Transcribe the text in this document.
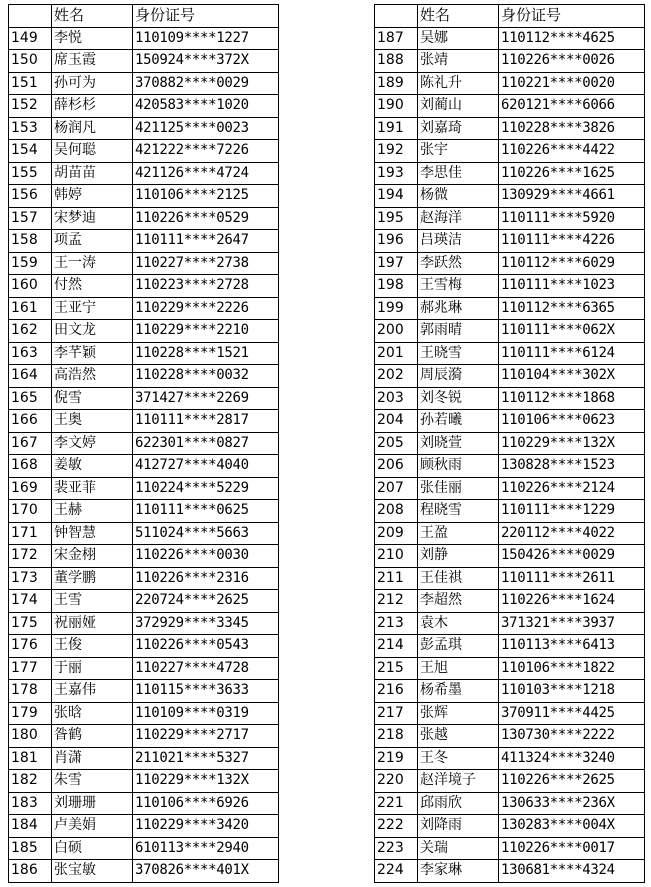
	姓名	身份证号
149	李悦	110109****1227
150	席玉霞	150924****372X
151	孙可为	370882****0029
152	薛杉杉	420583****1020
153	杨润凡	421125****0023
154	吴何聪	421222****7226
155	胡苗苗	421126****4724
156	韩婷	110106****2125
157	宋梦迪	110226****0529
158	项孟	110111****2647
159	王一涛	110227****2738
160	付然	110223****2728
161	王亚宁	110229****2226
162	田文龙	110229****2210
163	李芊颖	110228****1521
164	高浩然	110228****0032
165	倪雪	371427****2269
166	王奥	110111****2817
167	李文婷	622301****0827
168	姜敏	412727****4040
169	裴亚菲	110224****5229
170	王赫	110111****0625
171	钟智慧	511024****5663
172	宋金栩	110226****0030
173	董学鹏	110226****2316
174	王雪	220724****2625
175	祝丽娅	372929****3345
176	王俊	110226****0543
177	于丽	110227****4728
178	王嘉伟	110115****3633
179	张晗	110109****0319
180	昝鹤	110229****2717
181	肖潇	211021****5327
182	朱雪	110229****132X
183	刘珊珊	110106****6926
184	卢美娟	110229****3420
185	白硕	610113****2940
186	张宝敏	370826****401X
	姓名	身份证号
187	吴娜	110112****4625
188	张靖	110226****0026
189	陈礼升	110221****0020
190	刘蔺山	620121****6066
191	刘嘉琦	110228****3826
192	张宇	110226****4422
193	李思佳	110226****1625
194	杨微	130929****4661
195	赵海洋	110111****5920
196	吕瑛洁	110111****4226
197	李跃然	110112****6029
198	王雪梅	110111****1023
199	郝兆琳	110112****6365
200	郭雨晴	110111****062X
201	王晓雪	110111****6124
202	周辰漪	110104****302X
203	刘冬锐	110112****1868
204	孙若曦	110106****0623
205	刘晓萱	110229****132X
206	顾秋雨	130828****1523
207	张佳丽	110226****2124
208	程晓雪	110111****1229
209	王盈	220112****4022
210	刘静	150426****0029
211	王佳祺	110111****2611
212	李超然	110226****1624
213	袁木	371321****3937
214	彭孟琪	110113****6413
215	王旭	110106****1822
216	杨希墨	110103****1218
217	张辉	370911****4425
218	张越	130730****2222
219	王冬	411324****3240
220	赵洋境子	110226****2625
221	邱雨欣	130633****236X
222	刘降雨	130283****004X
223	关瑞	110226****0017
224	李家琳	130681****4324
